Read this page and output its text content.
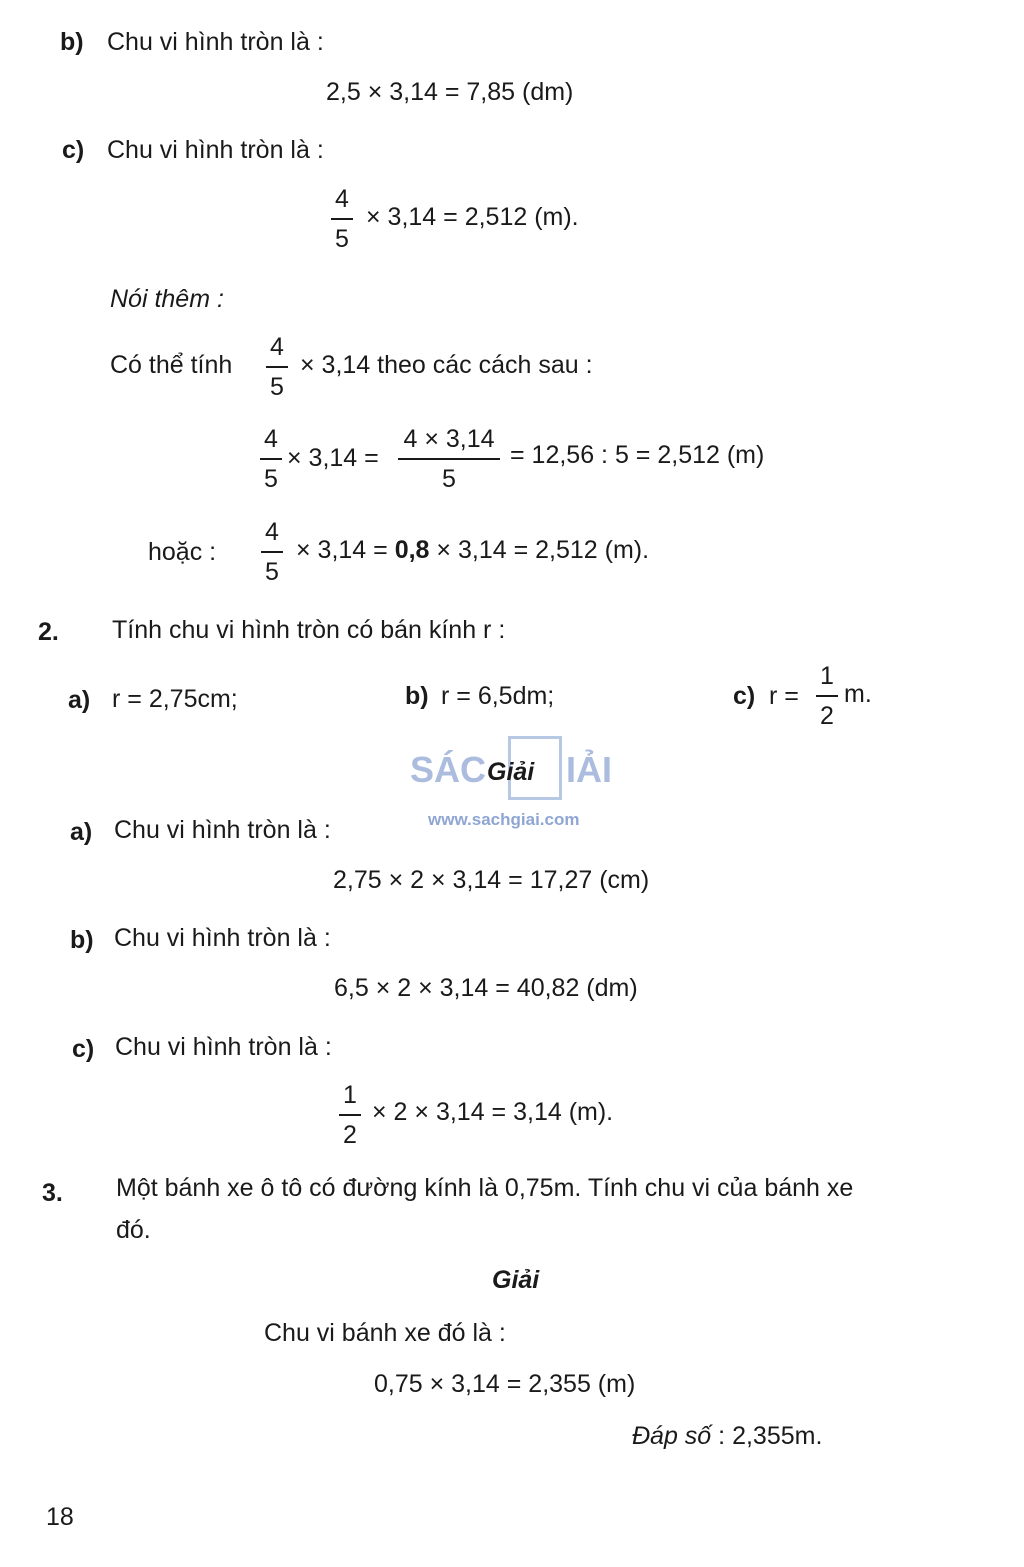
b) Chu vi hình tròn là :
2,5 × 3,14 = 7,85 (dm)
c) Chu vi hình tròn là :
4
5
× 3,14 = 2,512 (m).
Nói thêm :
Có thể tính
4
5
× 3,14 theo các cách sau :
4
5
× 3,14 =
4 × 3,14
5
= 12,56 : 5 = 2,512 (m)
hoặc :
4
5
× 3,14 = 0,8 × 3,14 = 2,512 (m).
2. Tính chu vi hình tròn có bán kính r :
a) r = 2,75cm;	b) r = 6,5dm;	c) r =
1
2
m.
SÁC IẢI
www.sachgiai.com
Giải
a) Chu vi hình tròn là :
2,75 × 2 × 3,14 = 17,27 (cm)
b) Chu vi hình tròn là :
6,5 × 2 × 3,14 = 40,82 (dm)
c) Chu vi hình tròn là :
1
2
× 2 × 3,14 = 3,14 (m).
3. Một bánh xe ô tô có đường kính là 0,75m. Tính chu vi của bánh xe
đó.
Giải
Chu vi bánh xe đó là :
0,75 × 3,14 = 2,355 (m)
Đáp số : 2,355m.
18
